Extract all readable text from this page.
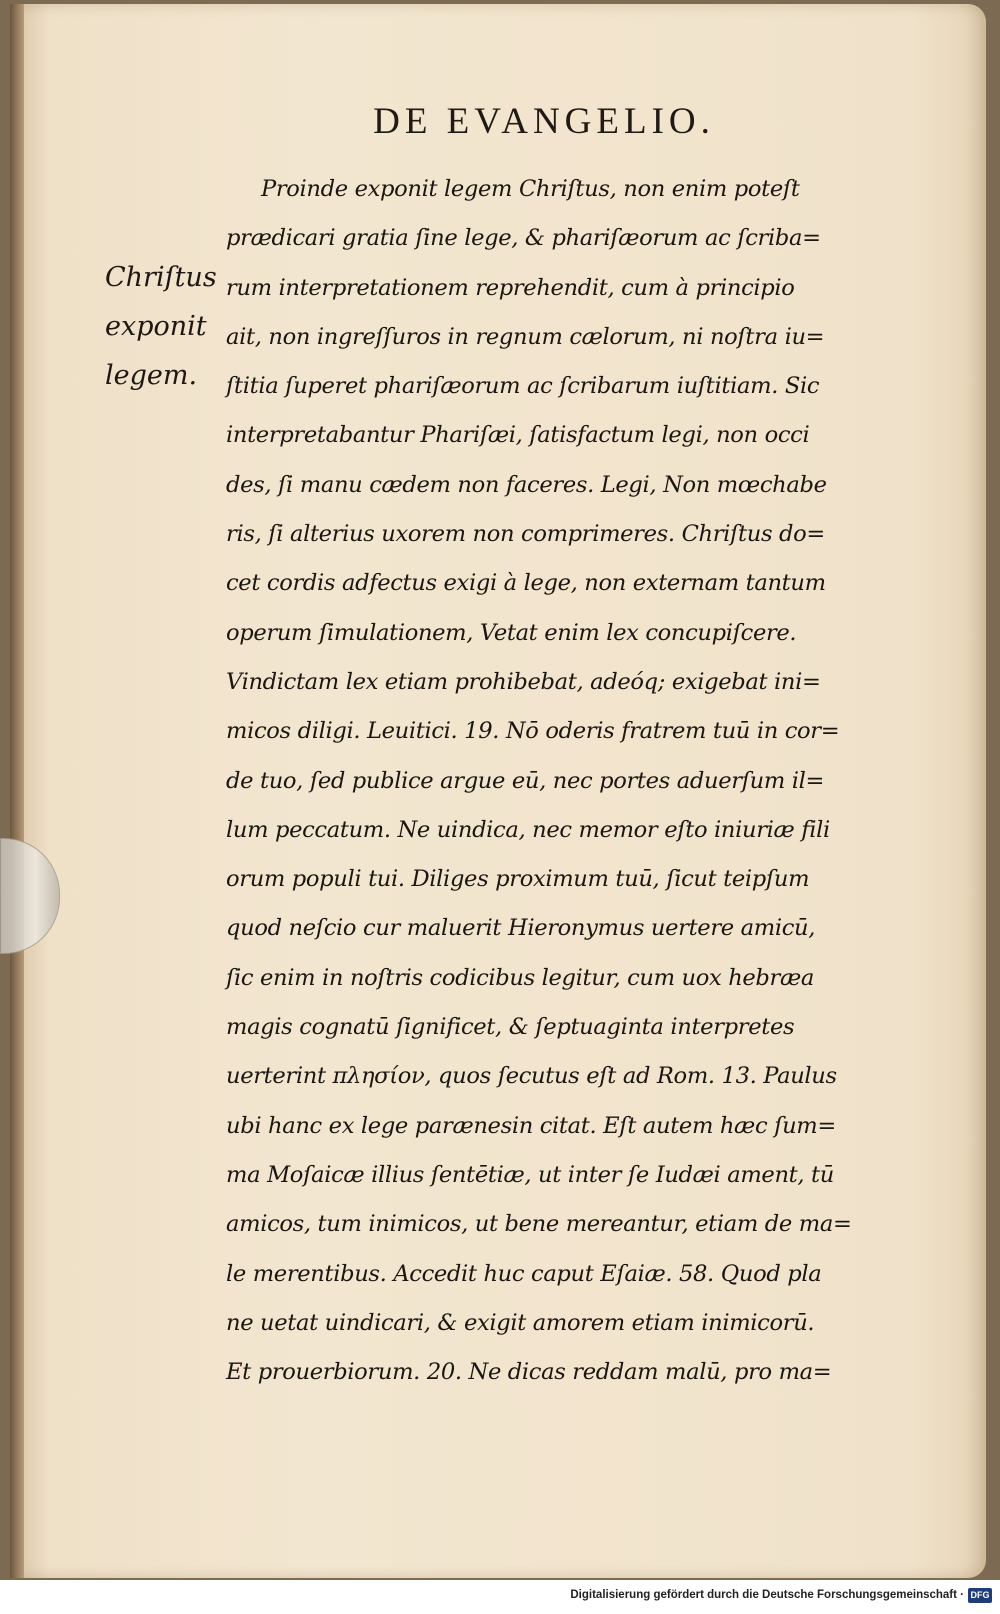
DE EVANGELIO.
Chriſtus
exponit
legem.
Proinde exponit legem Chriſtus, non enim poteſt
prædicari gratia ſine lege, & phariſæorum ac ſcriba=
rum interpretationem reprehendit, cum à principio
ait, non ingreſſuros in regnum cælorum, ni noſtra iu=
ſtitia ſuperet phariſæorum ac ſcribarum iuſtitiam. Sic
interpretabantur Phariſæi, ſatisfactum legi, non occi
des, ſi manu cædem non faceres. Legi, Non mœchabe
ris, ſi alterius uxorem non comprimeres. Chriſtus do=
cet cordis adfectus exigi à lege, non externam tantum
operum ſimulationem, Vetat enim lex concupiſcere.
Vindictam lex etiam prohibebat, adeóq; exigebat ini=
micos diligi. Leuitici. 19. Nō oderis fratrem tuū in cor=
de tuo, ſed publice argue eū, nec portes aduerſum il=
lum peccatum. Ne uindica, nec memor eſto iniuriæ fili
orum populi tui. Diliges proximum tuū, ſicut teipſum
quod neſcio cur maluerit Hieronymus uertere amicū,
ſic enim in noſtris codicibus legitur, cum uox hebræa
magis cognatū ſignificet, & ſeptuaginta interpretes
uerterint πλησίον, quos ſecutus eſt ad Rom. 13. Paulus
ubi hanc ex lege parænesin citat. Eſt autem hæc ſum=
ma Moſaicæ illius ſentētiæ, ut inter ſe Iudæi ament, tū
amicos, tum inimicos, ut bene mereantur, etiam de ma=
le merentibus. Accedit huc caput Eſaiæ. 58. Quod pla
ne uetat uindicari, & exigit amorem etiam inimicorū.
Et prouerbiorum. 20. Ne dicas reddam malū, pro ma=
Digitalisierung gefördert durch die Deutsche Forschungsgemeinschaft · DFG
